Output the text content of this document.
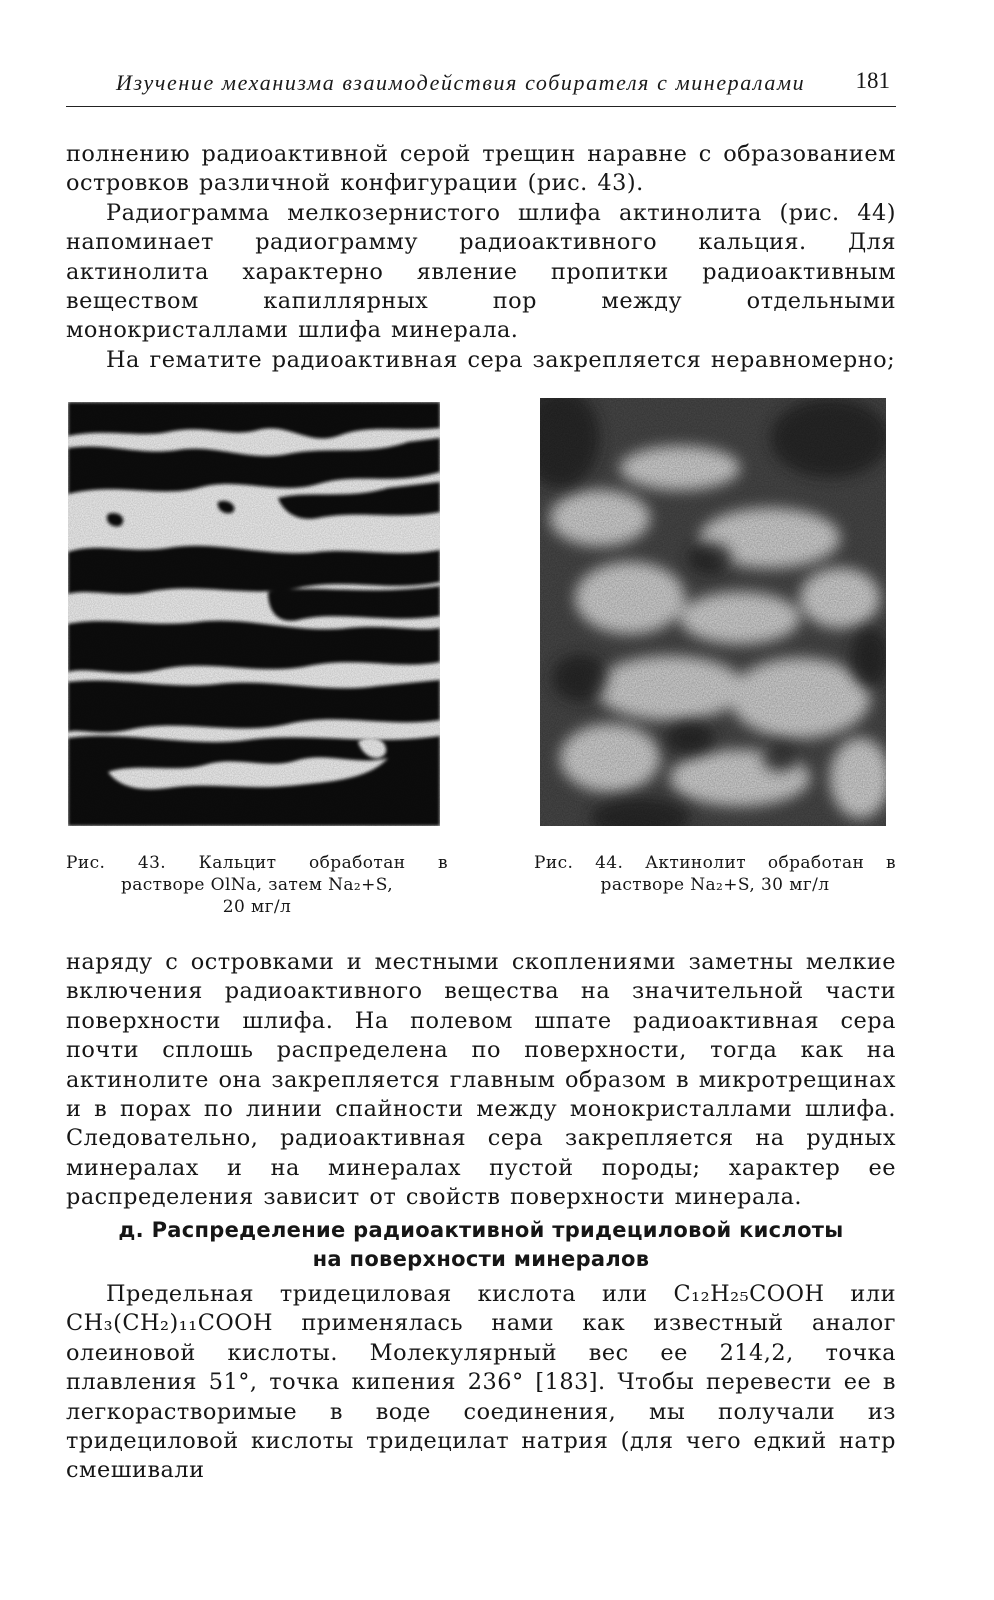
Изучение механизма взаимодействия собирателя с минералами 181

полнению радиоактивной серой трещин наравне с образованием островков различной конфигурации (рис. 43).

Радиограмма мелкозернистого шлифа актинолита (рис. 44) напоминает радиограмму радиоактивного кальция. Для актинолита характерно явление пропитки радиоактивным веществом капиллярных пор между отдельными монокристаллами шлифа минерала.

На гематите радиоактивная сера закрепляется неравномерно;

Рис. 43. Кальцит обработан в
растворе OlNa, затем Na₂+S,
20 мг/л
Рис. 44. Актинолит обработан в
растворе Na₂+S, 30 мг/л

наряду с островками и местными скоплениями заметны мелкие включения радиоактивного вещества на значительной части поверхности шлифа. На полевом шпате радиоактивная сера почти сплошь распределена по поверхности, тогда как на актинолите она закрепляется главным образом в микротрещинах и в порах по линии спайности между монокристаллами шлифа. Следовательно, радиоактивная сера закрепляется на рудных минералах и на минералах пустой породы; характер ее распределения зависит от свойств поверхности минерала.

д. Распределение радиоактивной тридециловой кислоты
на поверхности минералов

Предельная тридециловая кислота или C₁₂H₂₅COOH или CH₃(CH₂)₁₁COOH применялась нами как известный аналог олеиновой кислоты. Молекулярный вес ее 214,2, точка плавления 51°, точка кипения 236° [183]. Чтобы перевести ее в легкорастворимые в воде соединения, мы получали из тридециловой кислоты тридецилат натрия (для чего едкий натр смешивали
